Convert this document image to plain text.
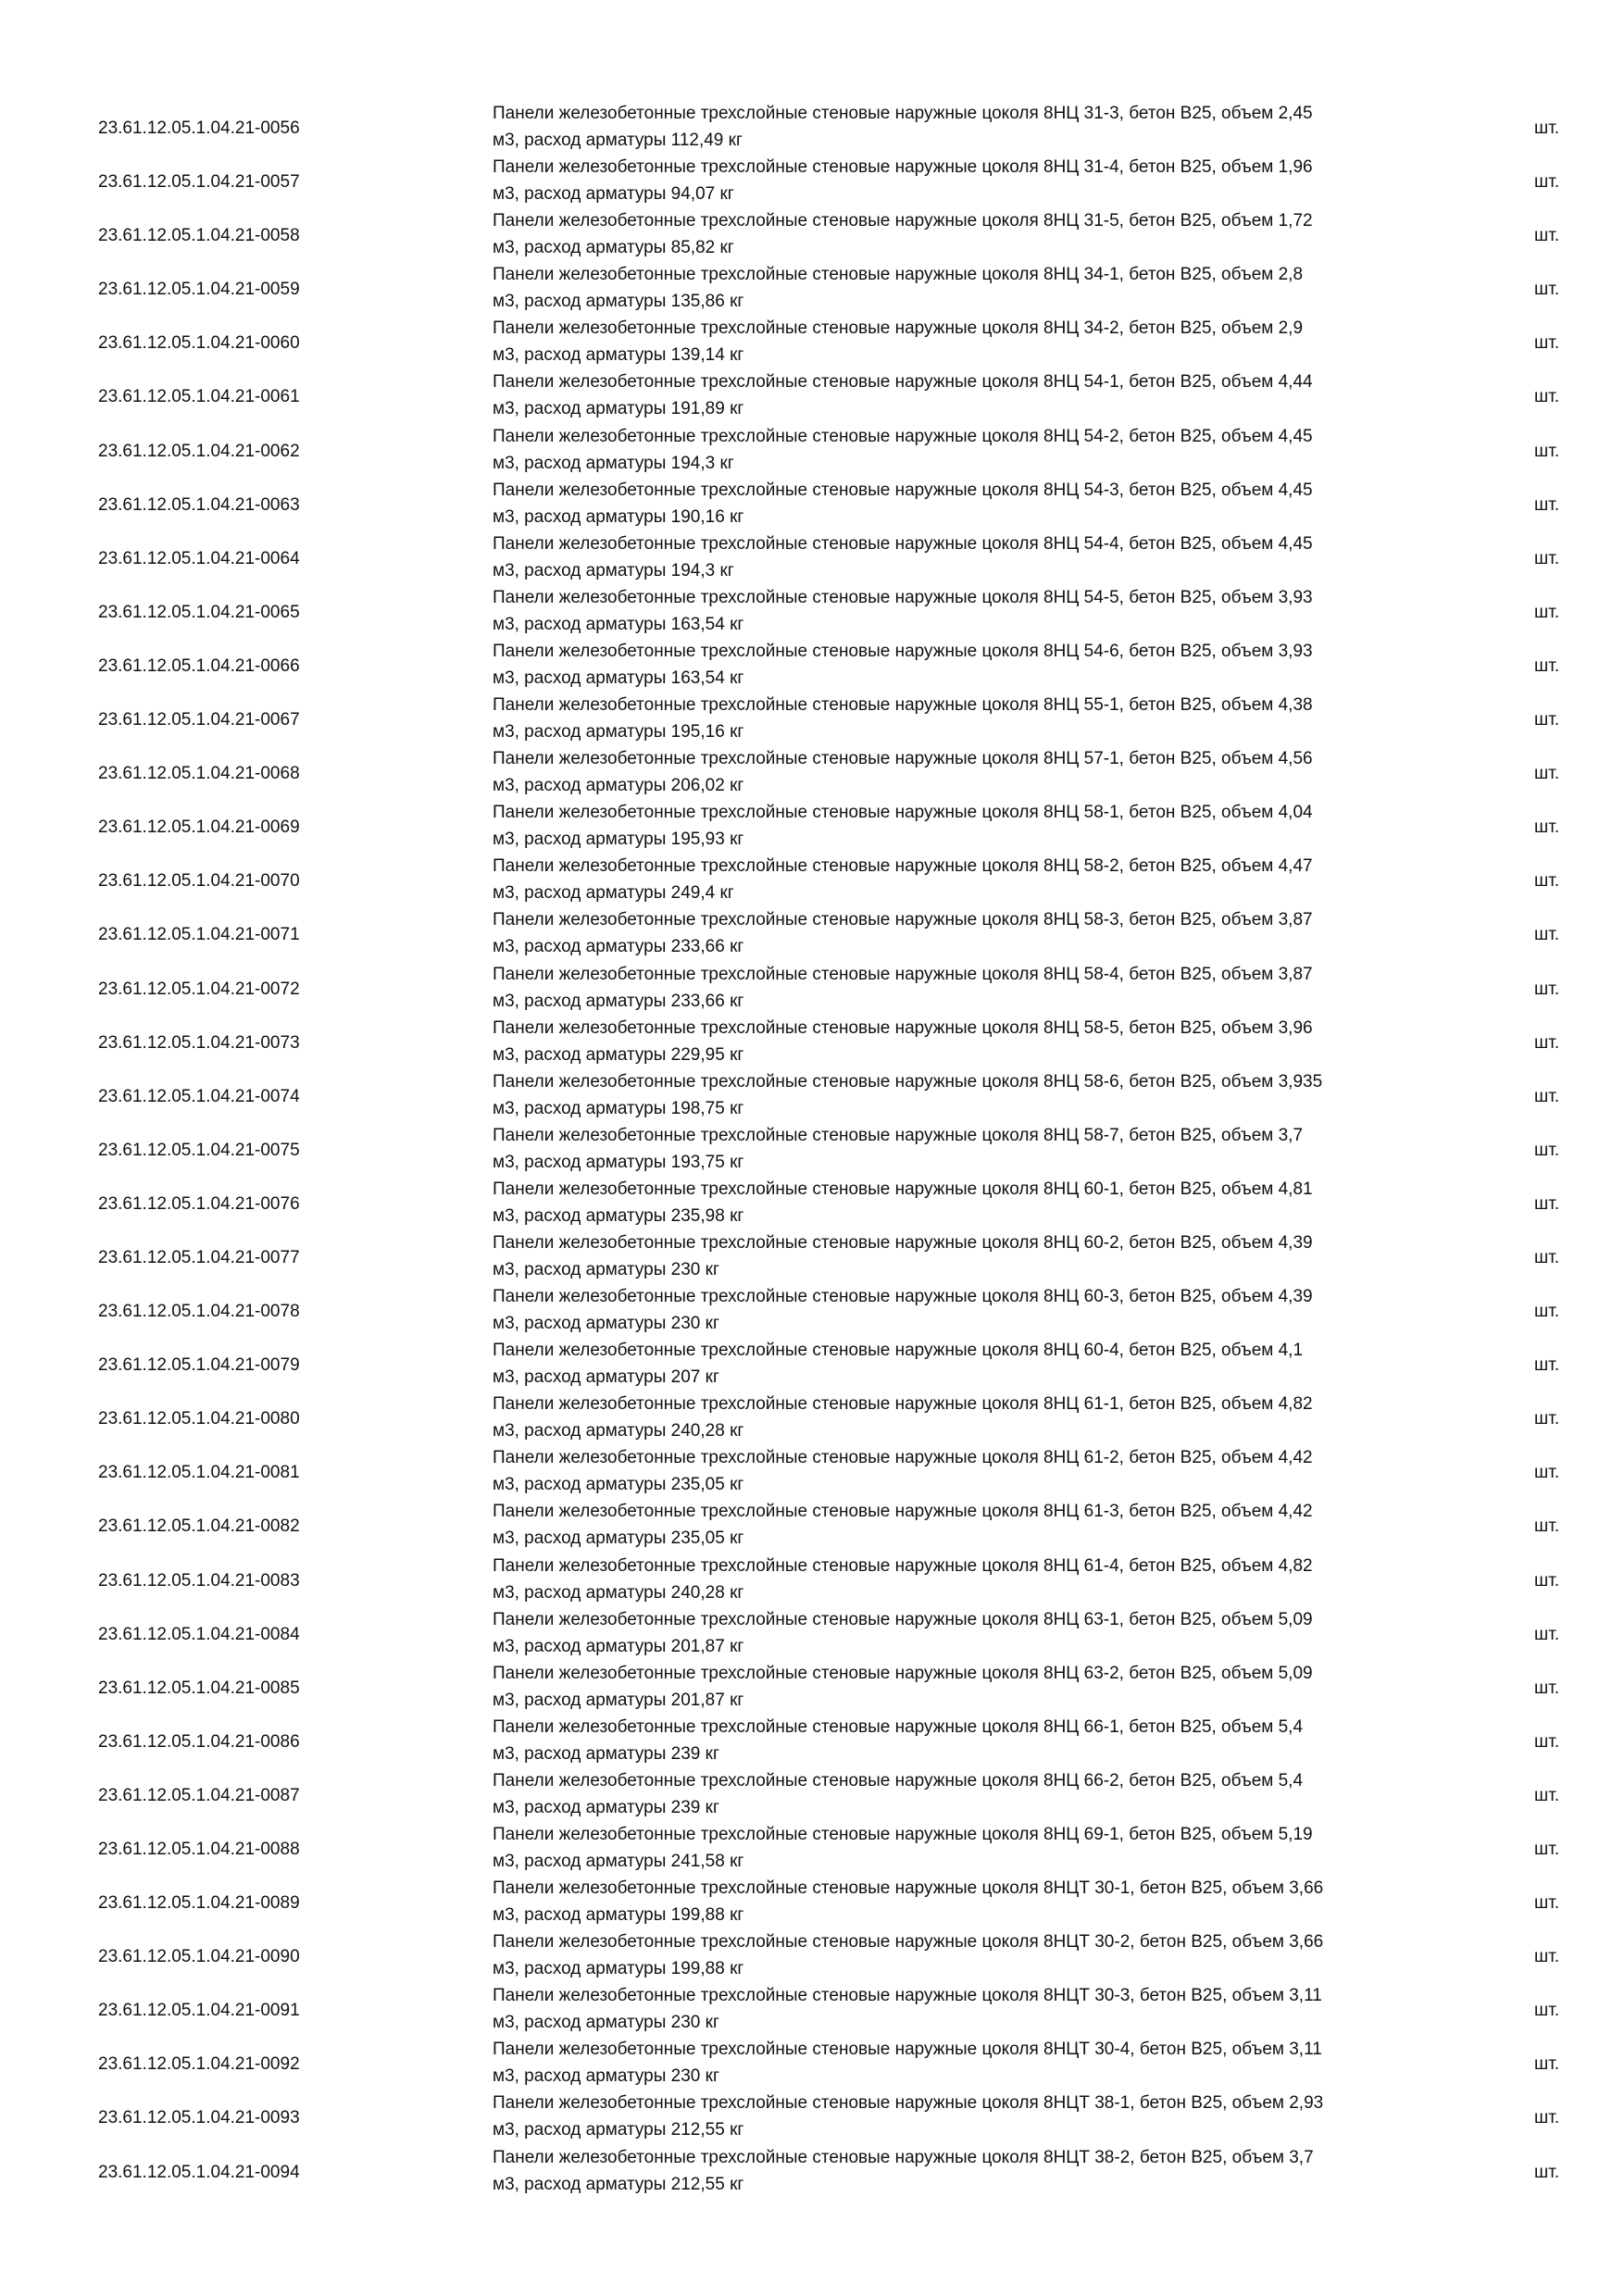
23.61.12.05.1.04.21-0056
Панели железобетонные трехслойные стеновые наружные цоколя 8НЦ 31-3, бетон В25, объем 2,45
м3, расход арматуры 112,49 кг
шт.
23.61.12.05.1.04.21-0057
Панели железобетонные трехслойные стеновые наружные цоколя 8НЦ 31-4, бетон В25, объем 1,96
м3, расход арматуры 94,07 кг
шт.
23.61.12.05.1.04.21-0058
Панели железобетонные трехслойные стеновые наружные цоколя 8НЦ 31-5, бетон В25, объем 1,72
м3, расход арматуры 85,82 кг
шт.
23.61.12.05.1.04.21-0059
Панели железобетонные трехслойные стеновые наружные цоколя 8НЦ 34-1, бетон В25, объем 2,8
м3, расход арматуры 135,86 кг
шт.
23.61.12.05.1.04.21-0060
Панели железобетонные трехслойные стеновые наружные цоколя 8НЦ 34-2, бетон В25, объем 2,9
м3, расход арматуры 139,14 кг
шт.
23.61.12.05.1.04.21-0061
Панели железобетонные трехслойные стеновые наружные цоколя 8НЦ 54-1, бетон В25, объем 4,44
м3, расход арматуры 191,89 кг
шт.
23.61.12.05.1.04.21-0062
Панели железобетонные трехслойные стеновые наружные цоколя 8НЦ 54-2, бетон В25, объем 4,45
м3, расход арматуры 194,3 кг
шт.
23.61.12.05.1.04.21-0063
Панели железобетонные трехслойные стеновые наружные цоколя 8НЦ 54-3, бетон В25, объем 4,45
м3, расход арматуры 190,16 кг
шт.
23.61.12.05.1.04.21-0064
Панели железобетонные трехслойные стеновые наружные цоколя 8НЦ 54-4, бетон В25, объем 4,45
м3, расход арматуры 194,3 кг
шт.
23.61.12.05.1.04.21-0065
Панели железобетонные трехслойные стеновые наружные цоколя 8НЦ 54-5, бетон В25, объем 3,93
м3, расход арматуры 163,54 кг
шт.
23.61.12.05.1.04.21-0066
Панели железобетонные трехслойные стеновые наружные цоколя 8НЦ 54-6, бетон В25, объем 3,93
м3, расход арматуры 163,54 кг
шт.
23.61.12.05.1.04.21-0067
Панели железобетонные трехслойные стеновые наружные цоколя 8НЦ 55-1, бетон В25, объем 4,38
м3, расход арматуры 195,16 кг
шт.
23.61.12.05.1.04.21-0068
Панели железобетонные трехслойные стеновые наружные цоколя 8НЦ 57-1, бетон В25, объем 4,56
м3, расход арматуры 206,02 кг
шт.
23.61.12.05.1.04.21-0069
Панели железобетонные трехслойные стеновые наружные цоколя 8НЦ 58-1, бетон В25, объем 4,04
м3, расход арматуры 195,93 кг
шт.
23.61.12.05.1.04.21-0070
Панели железобетонные трехслойные стеновые наружные цоколя 8НЦ 58-2, бетон В25, объем 4,47
м3, расход арматуры 249,4 кг
шт.
23.61.12.05.1.04.21-0071
Панели железобетонные трехслойные стеновые наружные цоколя 8НЦ 58-3, бетон В25, объем 3,87
м3, расход арматуры 233,66 кг
шт.
23.61.12.05.1.04.21-0072
Панели железобетонные трехслойные стеновые наружные цоколя 8НЦ 58-4, бетон В25, объем 3,87
м3, расход арматуры 233,66 кг
шт.
23.61.12.05.1.04.21-0073
Панели железобетонные трехслойные стеновые наружные цоколя 8НЦ 58-5, бетон В25, объем 3,96
м3, расход арматуры 229,95 кг
шт.
23.61.12.05.1.04.21-0074
Панели железобетонные трехслойные стеновые наружные цоколя 8НЦ 58-6, бетон В25, объем 3,935
м3, расход арматуры 198,75 кг
шт.
23.61.12.05.1.04.21-0075
Панели железобетонные трехслойные стеновые наружные цоколя 8НЦ 58-7, бетон В25, объем 3,7
м3, расход арматуры 193,75 кг
шт.
23.61.12.05.1.04.21-0076
Панели железобетонные трехслойные стеновые наружные цоколя 8НЦ 60-1, бетон В25, объем 4,81
м3, расход арматуры 235,98 кг
шт.
23.61.12.05.1.04.21-0077
Панели железобетонные трехслойные стеновые наружные цоколя 8НЦ 60-2, бетон В25, объем 4,39
м3, расход арматуры 230 кг
шт.
23.61.12.05.1.04.21-0078
Панели железобетонные трехслойные стеновые наружные цоколя 8НЦ 60-3, бетон В25, объем 4,39
м3, расход арматуры 230 кг
шт.
23.61.12.05.1.04.21-0079
Панели железобетонные трехслойные стеновые наружные цоколя 8НЦ 60-4, бетон В25, объем 4,1
м3, расход арматуры 207 кг
шт.
23.61.12.05.1.04.21-0080
Панели железобетонные трехслойные стеновые наружные цоколя 8НЦ 61-1, бетон В25, объем 4,82
м3, расход арматуры 240,28 кг
шт.
23.61.12.05.1.04.21-0081
Панели железобетонные трехслойные стеновые наружные цоколя 8НЦ 61-2, бетон В25, объем 4,42
м3, расход арматуры 235,05 кг
шт.
23.61.12.05.1.04.21-0082
Панели железобетонные трехслойные стеновые наружные цоколя 8НЦ 61-3, бетон В25, объем 4,42
м3, расход арматуры 235,05 кг
шт.
23.61.12.05.1.04.21-0083
Панели железобетонные трехслойные стеновые наружные цоколя 8НЦ 61-4, бетон В25, объем 4,82
м3, расход арматуры 240,28 кг
шт.
23.61.12.05.1.04.21-0084
Панели железобетонные трехслойные стеновые наружные цоколя 8НЦ 63-1, бетон В25, объем 5,09
м3, расход арматуры 201,87 кг
шт.
23.61.12.05.1.04.21-0085
Панели железобетонные трехслойные стеновые наружные цоколя 8НЦ 63-2, бетон В25, объем 5,09
м3, расход арматуры 201,87 кг
шт.
23.61.12.05.1.04.21-0086
Панели железобетонные трехслойные стеновые наружные цоколя 8НЦ 66-1, бетон В25, объем 5,4
м3, расход арматуры 239 кг
шт.
23.61.12.05.1.04.21-0087
Панели железобетонные трехслойные стеновые наружные цоколя 8НЦ 66-2, бетон В25, объем 5,4
м3, расход арматуры 239 кг
шт.
23.61.12.05.1.04.21-0088
Панели железобетонные трехслойные стеновые наружные цоколя 8НЦ 69-1, бетон В25, объем 5,19
м3, расход арматуры 241,58 кг
шт.
23.61.12.05.1.04.21-0089
Панели железобетонные трехслойные стеновые наружные цоколя 8НЦТ 30-1, бетон В25, объем 3,66
м3, расход арматуры 199,88 кг
шт.
23.61.12.05.1.04.21-0090
Панели железобетонные трехслойные стеновые наружные цоколя 8НЦТ 30-2, бетон В25, объем 3,66
м3, расход арматуры 199,88 кг
шт.
23.61.12.05.1.04.21-0091
Панели железобетонные трехслойные стеновые наружные цоколя 8НЦТ 30-3, бетон В25, объем 3,11
м3, расход арматуры 230 кг
шт.
23.61.12.05.1.04.21-0092
Панели железобетонные трехслойные стеновые наружные цоколя 8НЦТ 30-4, бетон В25, объем 3,11
м3, расход арматуры 230 кг
шт.
23.61.12.05.1.04.21-0093
Панели железобетонные трехслойные стеновые наружные цоколя 8НЦТ 38-1, бетон В25, объем 2,93
м3, расход арматуры 212,55 кг
шт.
23.61.12.05.1.04.21-0094
Панели железобетонные трехслойные стеновые наружные цоколя 8НЦТ 38-2, бетон В25, объем 3,7
м3, расход арматуры 212,55 кг
шт.
